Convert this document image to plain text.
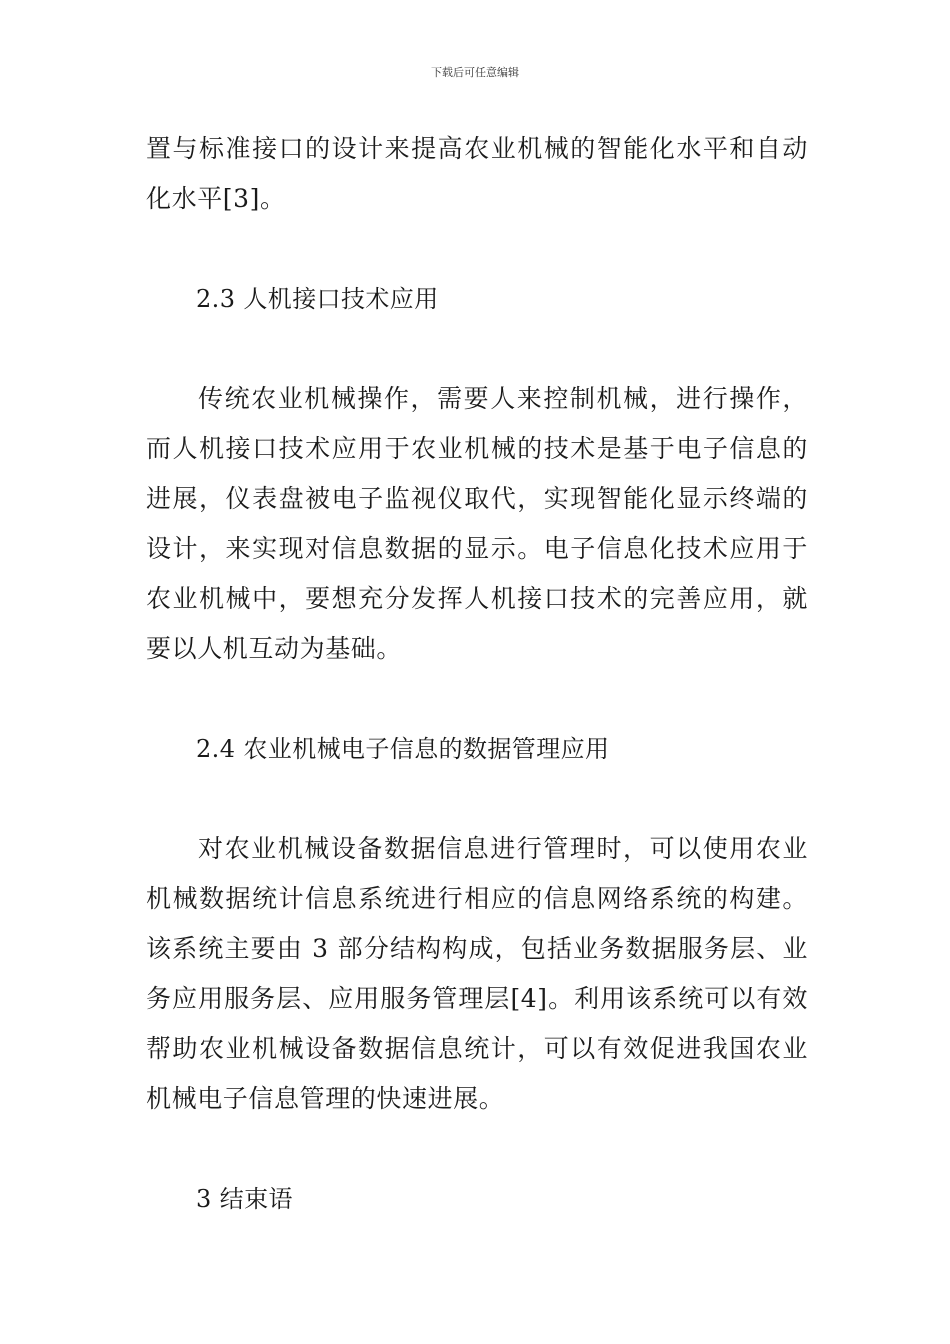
下载后可任意编辑

置与标准接口的设计来提高农业机械的智能化水平和自动化水平[3]。

2.3 人机接口技术应用

传统农业机械操作，需要人来控制机械，进行操作，而人机接口技术应用于农业机械的技术是基于电子信息的进展，仪表盘被电子监视仪取代，实现智能化显示终端的设计，来实现对信息数据的显示。电子信息化技术应用于农业机械中，要想充分发挥人机接口技术的完善应用，就要以人机互动为基础。

2.4 农业机械电子信息的数据管理应用

对农业机械设备数据信息进行管理时，可以使用农业机械数据统计信息系统进行相应的信息网络系统的构建。该系统主要由 3 部分结构构成，包括业务数据服务层、业务应用服务层、应用服务管理层[4]。利用该系统可以有效帮助农业机械设备数据信息统计，可以有效促进我国农业机械电子信息管理的快速进展。

3 结束语
